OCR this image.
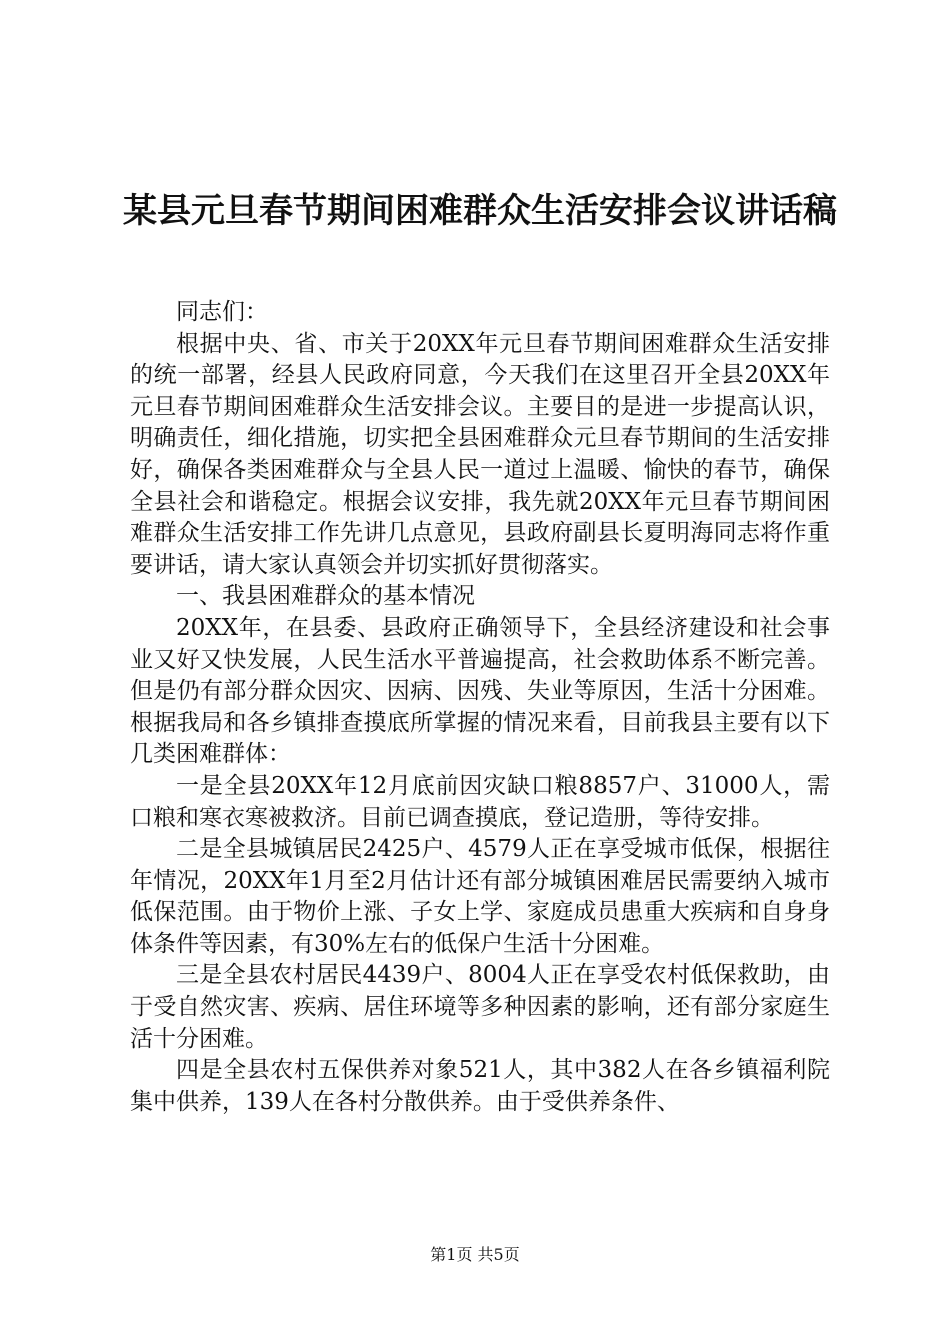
某县元旦春节期间困难群众生活安排会议讲话稿

同志们：

根据中央、省、市关于20XX年元旦春节期间困难群众生活安排的统一部署，经县人民政府同意，今天我们在这里召开全县20XX年元旦春节期间困难群众生活安排会议。主要目的是进一步提高认识，明确责任，细化措施，切实把全县困难群众元旦春节期间的生活安排好，确保各类困难群众与全县人民一道过上温暖、愉快的春节，确保全县社会和谐稳定。根据会议安排，我先就20XX年元旦春节期间困难群众生活安排工作先讲几点意见，县政府副县长夏明海同志将作重要讲话，请大家认真领会并切实抓好贯彻落实。

一、我县困难群众的基本情况

20XX年，在县委、县政府正确领导下，全县经济建设和社会事业又好又快发展，人民生活水平普遍提高，社会救助体系不断完善。但是仍有部分群众因灾、因病、因残、失业等原因，生活十分困难。根据我局和各乡镇排查摸底所掌握的情况来看，目前我县主要有以下几类困难群体：

一是全县20XX年12月底前因灾缺口粮8857户、31000人，需口粮和寒衣寒被救济。目前已调查摸底，登记造册，等待安排。

二是全县城镇居民2425户、4579人正在享受城市低保，根据往年情况，20XX年1月至2月估计还有部分城镇困难居民需要纳入城市低保范围。由于物价上涨、子女上学、家庭成员患重大疾病和自身身体条件等因素，有30%左右的低保户生活十分困难。

三是全县农村居民4439户、8004人正在享受农村低保救助，由于受自然灾害、疾病、居住环境等多种因素的影响，还有部分家庭生活十分困难。

四是全县农村五保供养对象521人，其中382人在各乡镇福利院集中供养，139人在各村分散供养。由于受供养条件、

第1页 共5页
